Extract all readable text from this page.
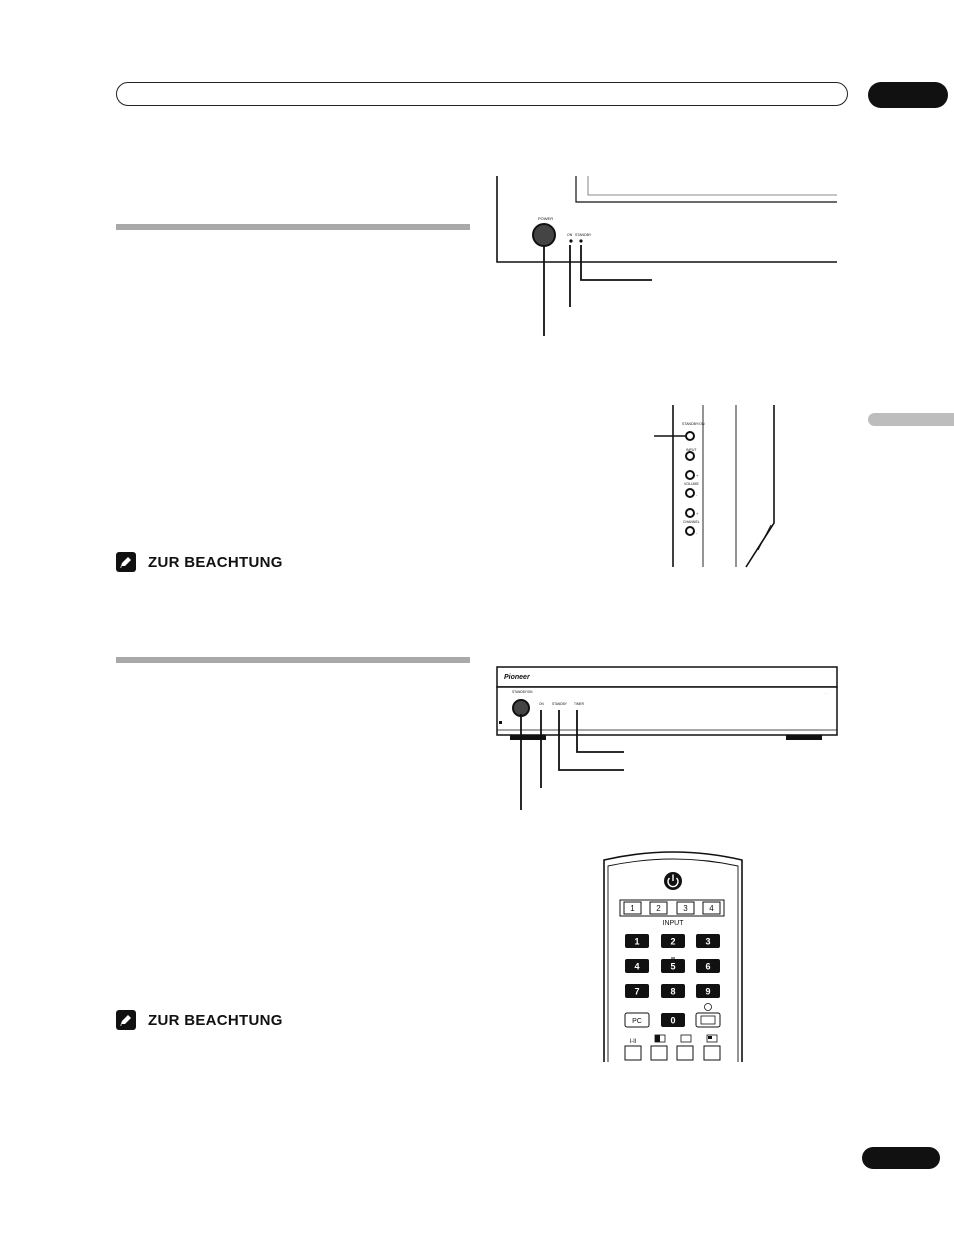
ZUR BEACHTUNG
ZUR BEACHTUNG
POWER
ON STANDBY
STANDBY/ON
INPUT
+
VOLUME
-
+
CHANNEL
-
Pioneer
· · ·
STANDBY/ON
ON	STANDBY TIMER
1	2	3	4
INPUT
1	2	3
4	5	6
7	8	9
PC	0
I-II
